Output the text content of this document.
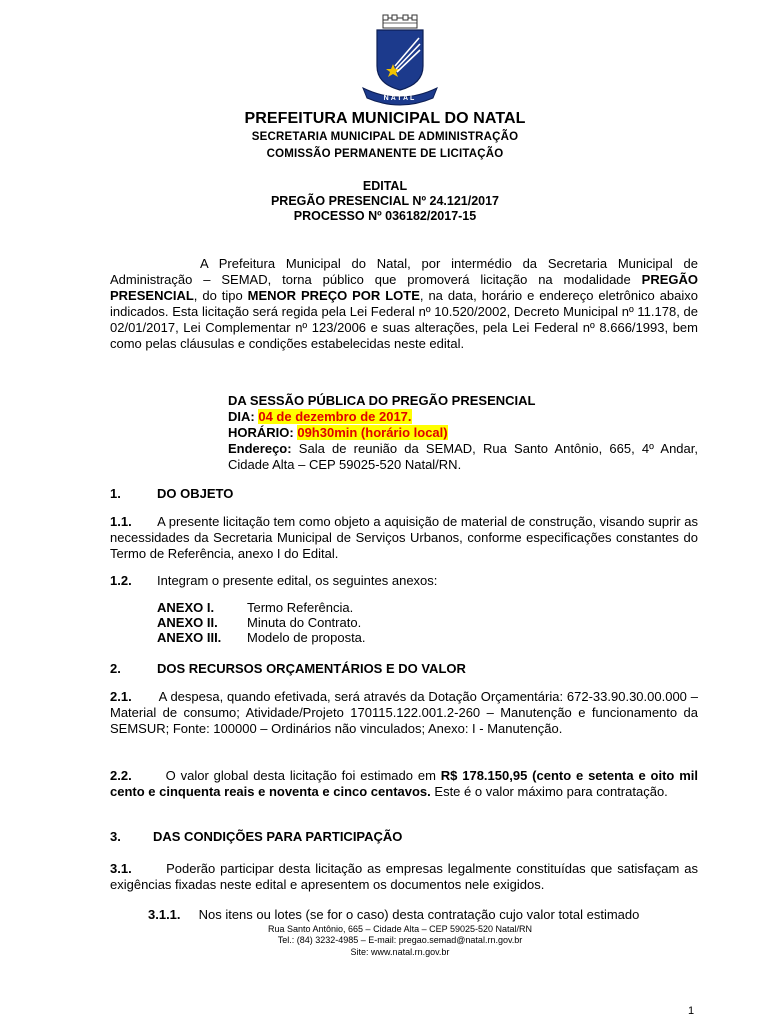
NATAL
PREFEITURA MUNICIPAL DO NATAL
SECRETARIA MUNICIPAL DE ADMINISTRAÇÃO
COMISSÃO PERMANENTE DE LICITAÇÃO
EDITAL
PREGÃO PRESENCIAL Nº 24.121/2017
PROCESSO Nº 036182/2017-15

A Prefeitura Municipal do Natal, por intermédio da Secretaria Municipal de Administração – SEMAD, torna público que promoverá licitação na modalidade PREGÃO PRESENCIAL, do tipo MENOR PREÇO POR LOTE, na data, horário e endereço eletrônico abaixo indicados. Esta licitação será regida pela Lei Federal nº 10.520/2002, Decreto Municipal nº 11.178, de 02/01/2017, Lei Complementar nº 123/2006 e suas alterações, pela Lei Federal nº 8.666/1993, bem como pelas cláusulas e condições estabelecidas neste edital.

DA SESSÃO PÚBLICA DO PREGÃO PRESENCIAL

DIA: 04 de dezembro de 2017.

HORÁRIO: 09h30min (horário local)

Endereço: Sala de reunião da SEMAD, Rua Santo Antônio, 665, 4º Andar, Cidade Alta – CEP 59025-520 Natal/RN.

1.	DO OBJETO

1.1. A presente licitação tem como objeto a aquisição de material de construção, visando suprir as necessidades da Secretaria Municipal de Serviços Urbanos, conforme especificações constantes do Termo de Referência, anexo I do Edital.

1.2. Integram o presente edital, os seguintes anexos:
ANEXO I.	Termo Referência.
ANEXO II. Minuta do Contrato.
ANEXO III. Modelo de proposta.
2.	DOS RECURSOS ORÇAMENTÁRIOS E DO VALOR

2.1. A despesa, quando efetivada, será através da Dotação Orçamentária: 672-33.90.30.00.000 – Material de consumo; Atividade/Projeto 170115.122.001.2-260 – Manutenção e funcionamento da SEMSUR; Fonte: 100000 – Ordinários não vinculados; Anexo: I - Manutenção.

2.2.	O valor global desta licitação foi estimado em R$ 178.150,95 (cento e setenta e oito mil cento e cinquenta reais e noventa e cinco centavos. Este é o valor máximo para contratação.

3. DAS CONDIÇÕES PARA PARTICIPAÇÃO

3.1.	Poderão participar desta licitação as empresas legalmente constituídas que satisfaçam as exigências fixadas neste edital e apresentem os documentos nele exigidos.

3.1.1. Nos itens ou lotes (se for o caso) desta contratação cujo valor total estimado

Rua Santo Antônio, 665 – Cidade Alta – CEP 59025-520 Natal/RN
Tel.: (84) 3232-4985 – E-mail: pregao.semad@natal.rn.gov.br
Site: www.natal.rn.gov.br
1
